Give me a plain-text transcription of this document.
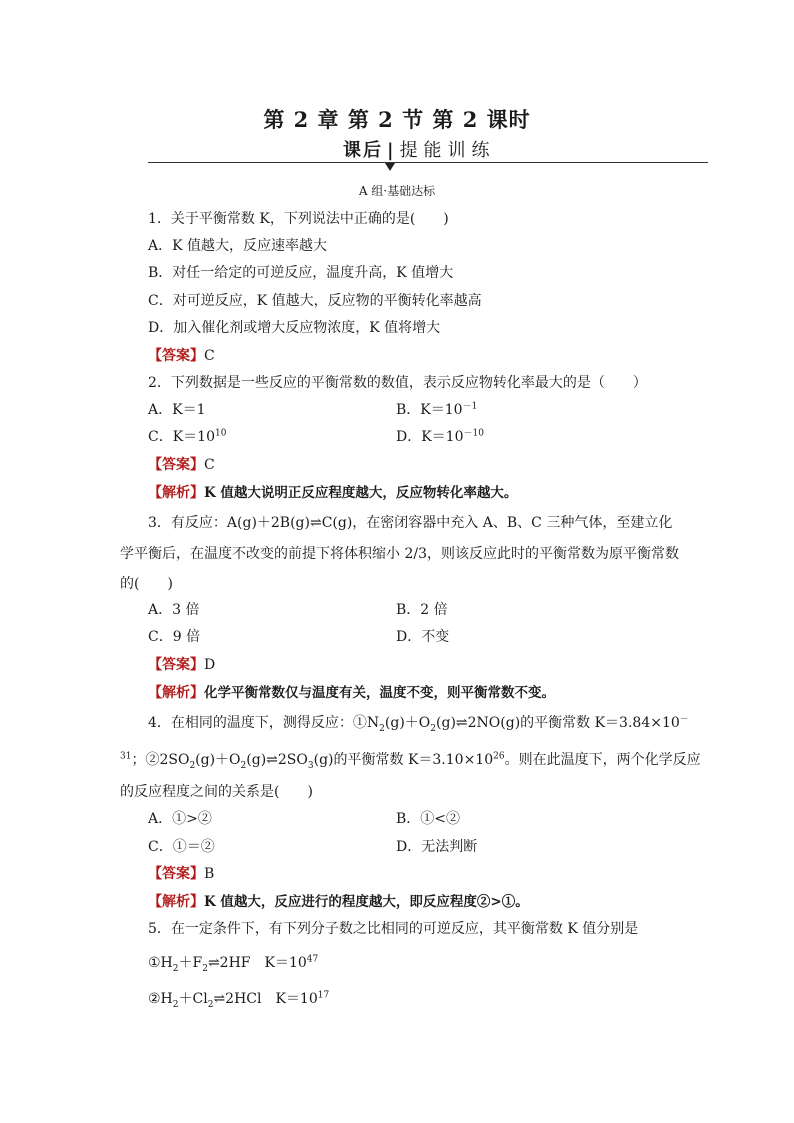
第 2 章 第 2 节 第 2 课时
课后 | 提能训练
A 组·基础达标
1．关于平衡常数 K，下列说法中正确的是(　　)
A．K 值越大，反应速率越大
B．对任一给定的可逆反应，温度升高，K 值增大
C．对可逆反应，K 值越大，反应物的平衡转化率越高
D．加入催化剂或增大反应物浓度，K 值将增大
【答案】C
2．下列数据是一些反应的平衡常数的数值，表示反应物转化率最大的是（　　）
A．K＝1	B．$K=10^{-1}$
C．$K=10^{10}$	D．$K=10^{-10}$
【答案】C
【解析】K 值越大说明正反应程度越大，反应物转化率越大。
3．有反应：A(g)＋2B(g)⇌C(g)，在密闭容器中充入 A、B、C 三种气体，至建立化
学平衡后，在温度不改变的前提下将体积缩小 2/3，则该反应此时的平衡常数为原平衡常数
的(　　)
A．3 倍	B．2 倍
C．9 倍	D．不变
【答案】D
【解析】化学平衡常数仅与温度有关，温度不变，则平衡常数不变。
4．在相同的温度下，测得反应：$①N_2(g)+O_2(g)\rightleftharpoons 2NO(g)$的平衡常数 K＝3.84×10－
$^{31}$；$②2SO_2(g)+O_2(g)\rightleftharpoons 2SO_3(g)$的平衡常数 $K=3.10\times 10^{26}$。则在此温度下，两个化学反应
的反应程度之间的关系是(　　)
A．①>②	B．①<②
C．①＝②	D．无法判断
【答案】B
【解析】K 值越大，反应进行的程度越大，即反应程度②>①。
5．在一定条件下，有下列分子数之比相同的可逆反应，其平衡常数 K 值分别是
$①H_2+F_2\rightleftharpoons 2HF$　$K=10^{47}$
$②H_2+Cl_2\rightleftharpoons 2HCl$　$K=10^{17}$
